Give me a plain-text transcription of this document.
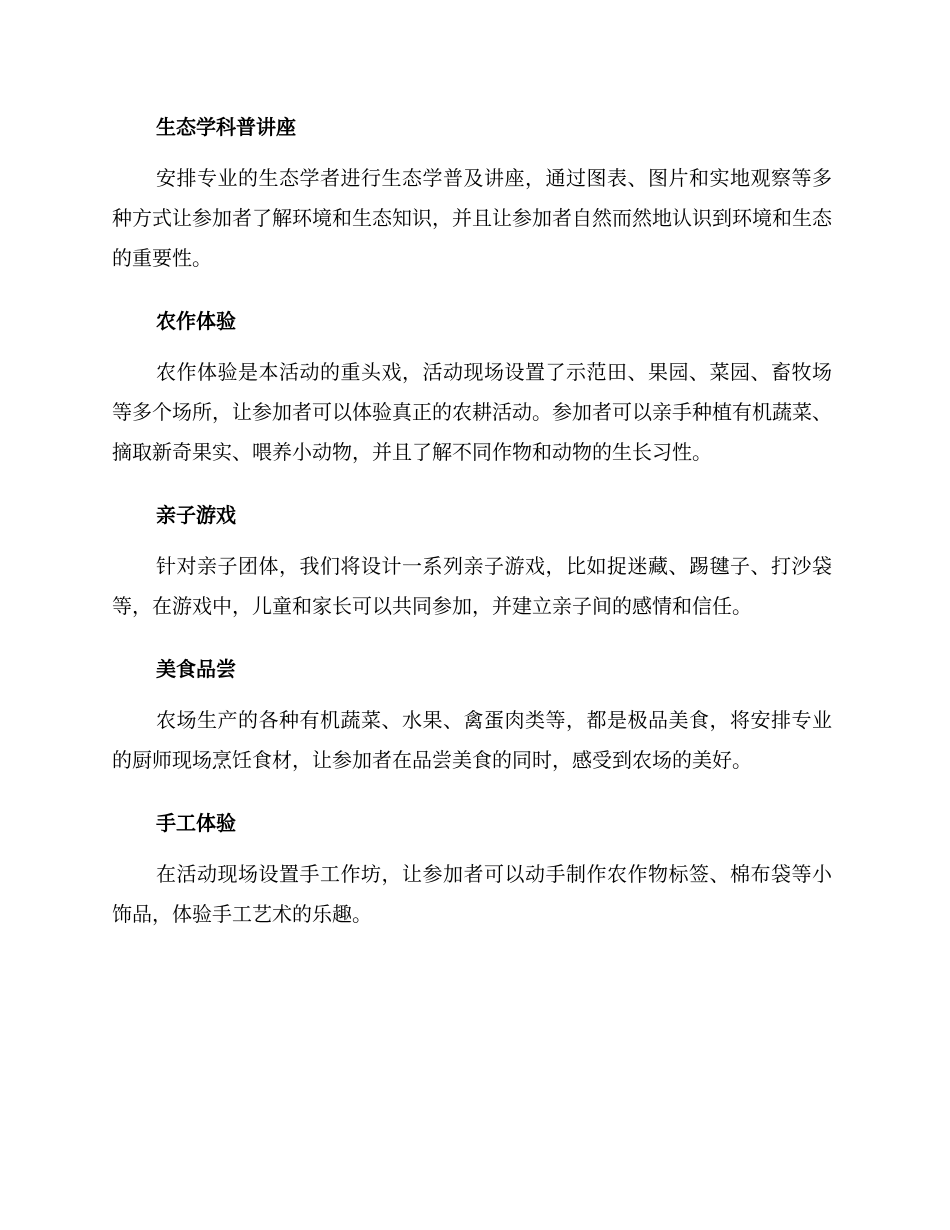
生态学科普讲座

安排专业的生态学者进行生态学普及讲座，通过图表、图片和实地观察等多种方式让参加者了解环境和生态知识，并且让参加者自然而然地认识到环境和生态的重要性。

农作体验

农作体验是本活动的重头戏，活动现场设置了示范田、果园、菜园、畜牧场等多个场所，让参加者可以体验真正的农耕活动。参加者可以亲手种植有机蔬菜、摘取新奇果实、喂养小动物，并且了解不同作物和动物的生长习性。

亲子游戏

针对亲子团体，我们将设计一系列亲子游戏，比如捉迷藏、踢毽子、打沙袋等，在游戏中，儿童和家长可以共同参加，并建立亲子间的感情和信任。

美食品尝

农场生产的各种有机蔬菜、水果、禽蛋肉类等，都是极品美食，将安排专业的厨师现场烹饪食材，让参加者在品尝美食的同时，感受到农场的美好。

手工体验

在活动现场设置手工作坊，让参加者可以动手制作农作物标签、棉布袋等小饰品，体验手工艺术的乐趣。
